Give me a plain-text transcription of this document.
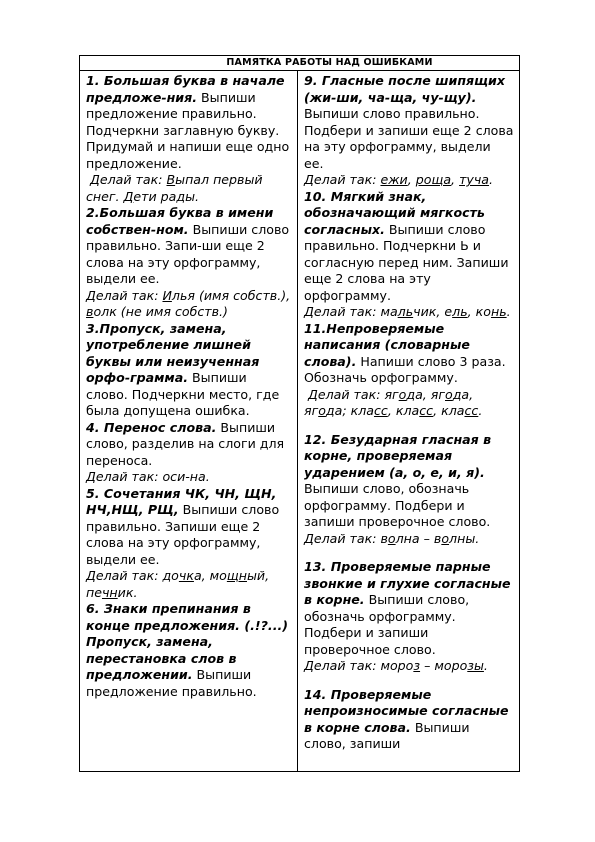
ПАМЯТКА РАБОТЫ НАД ОШИБКАМИ
1. Большая буква в начале предложе-ния. Выпиши предложение правильно. Подчеркни заглавную букву. Придумай и напиши еще одно предложение.
Делай так: Выпал первый снег. Дети рады.
2.Большая буква в имени собствен-ном. Выпиши слово правильно. Запи-ши еще 2 слова на эту орфограмму, выдели ее.
Делай так: Илья (имя собств.), волк (не имя собств.)
3.Пропуск, замена, употребление лишней буквы или неизученная орфо-грамма. Выпиши слово. Подчеркни место, где была допущена ошибка.
4. Перенос слова. Выпиши слово, разделив на слоги для переноса.
Делай так: оси-на.
5. Сочетания ЧК, ЧН, ЩН, НЧ,НЩ, РЩ, Выпиши слово правильно. Запиши еще 2 слова на эту орфограмму, выдели ее.
Делай так: дочка, мощный, печник.
6. Знаки препинания в конце предложения. (.!?...) Пропуск, замена, перестановка слов в предложении. Выпиши предложение правильно.
9. Гласные после шипящих (жи-ши, ча-ща, чу-щу). Выпиши слово правильно. Подбери и запиши еще 2 слова на эту орфограмму, выдели ее.
Делай так: ежи, роща, туча.
10. Мягкий знак, обозначающий мягкость согласных. Выпиши слово правильно. Подчеркни Ь и согласную перед ним. Запиши еще 2 слова на эту орфограмму.
Делай так: мальчик, ель, конь.
11.Непроверяемые написания (словарные слова). Напиши слово 3 раза. Обозначь орфограмму.
Делай так: ягода, ягода,
ягода; класс, класс, класс.
12. Безударная гласная в корне, проверяемая ударением (а, о, е, и, я). Выпиши слово, обозначь орфограмму. Подбери и запиши проверочное слово.
Делай так: волна – волны.
13. Проверяемые парные звонкие и глухие согласные в корне. Выпиши слово, обозначь орфограмму. Подбери и запиши проверочное слово.
Делай так: мороз – морозы.
14. Проверяемые непроизносимые согласные в корне слова. Выпиши слово, запиши
